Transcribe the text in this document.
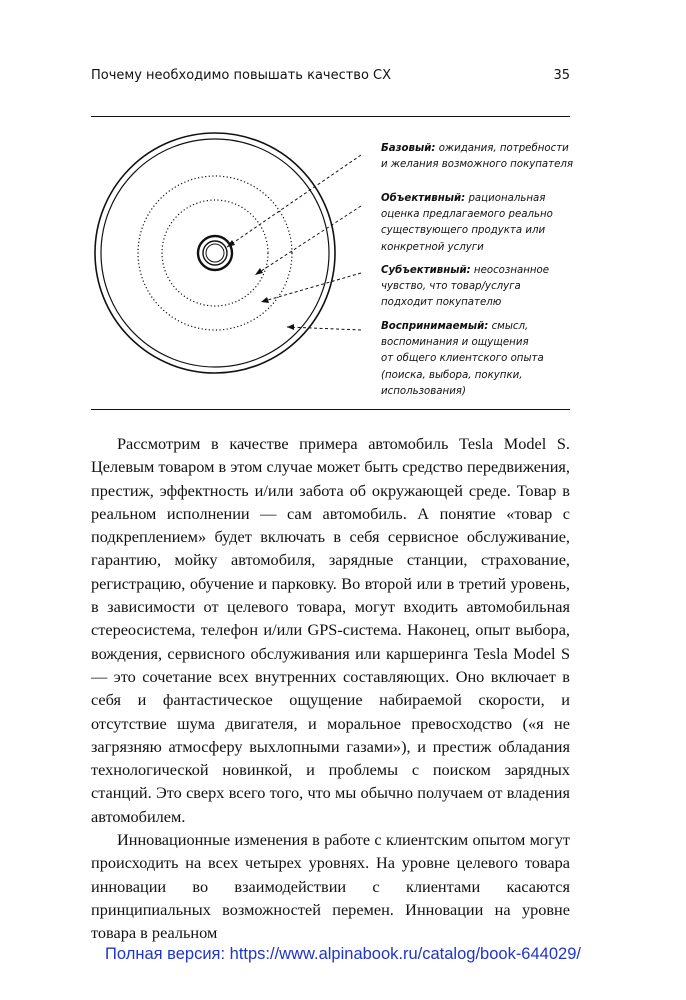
Почему необходимо повышать качество CX	35
Базовый: ожидания, потребности
и желания возможного покупателя
Объективный: рациональная
оценка предлагаемого реально
существующего продукта или
конкретной услуги
Субъективный: неосознанное
чувство, что товар/услуга
подходит покупателю
Воспринимаемый: смысл,
воспоминания и ощущения
от общего клиентского опыта
(поиска, выбора, покупки,
использования)

Рассмотрим в качестве примера автомобиль Tesla Model S. Целевым товаром в этом случае может быть средство передвижения, престиж, эффектность и/или забота об окружающей среде. Товар в реальном исполнении — сам автомобиль. А понятие «товар с подкреплением» будет включать в себя сервисное обслуживание, гарантию, мойку автомобиля, зарядные станции, страхование, регистрацию, обучение и парковку. Во второй или в третий уровень, в зависимости от целевого товара, могут входить автомобильная стереосистема, телефон и/или GPS-система. Наконец, опыт выбора, вождения, сервисного обслуживания или каршеринга Tesla Model S — это сочетание всех внутренних составляющих. Оно включает в себя и фантастическое ощущение набираемой скорости, и отсутствие шума двигателя, и моральное превосходство («я не загрязняю атмосферу выхлопными газами»), и престиж обладания технологической новинкой, и проблемы с поиском зарядных станций. Это сверх всего того, что мы обычно получаем от владения автомобилем.

Инновационные изменения в работе с клиентским опытом могут происходить на всех четырех уровнях. На уровне целевого товара инновации во взаимодействии с клиентами касаются принципиальных возможностей перемен. Инновации на уровне товара в реальном

Полная версия: https://www.alpinabook.ru/catalog/book-644029/
